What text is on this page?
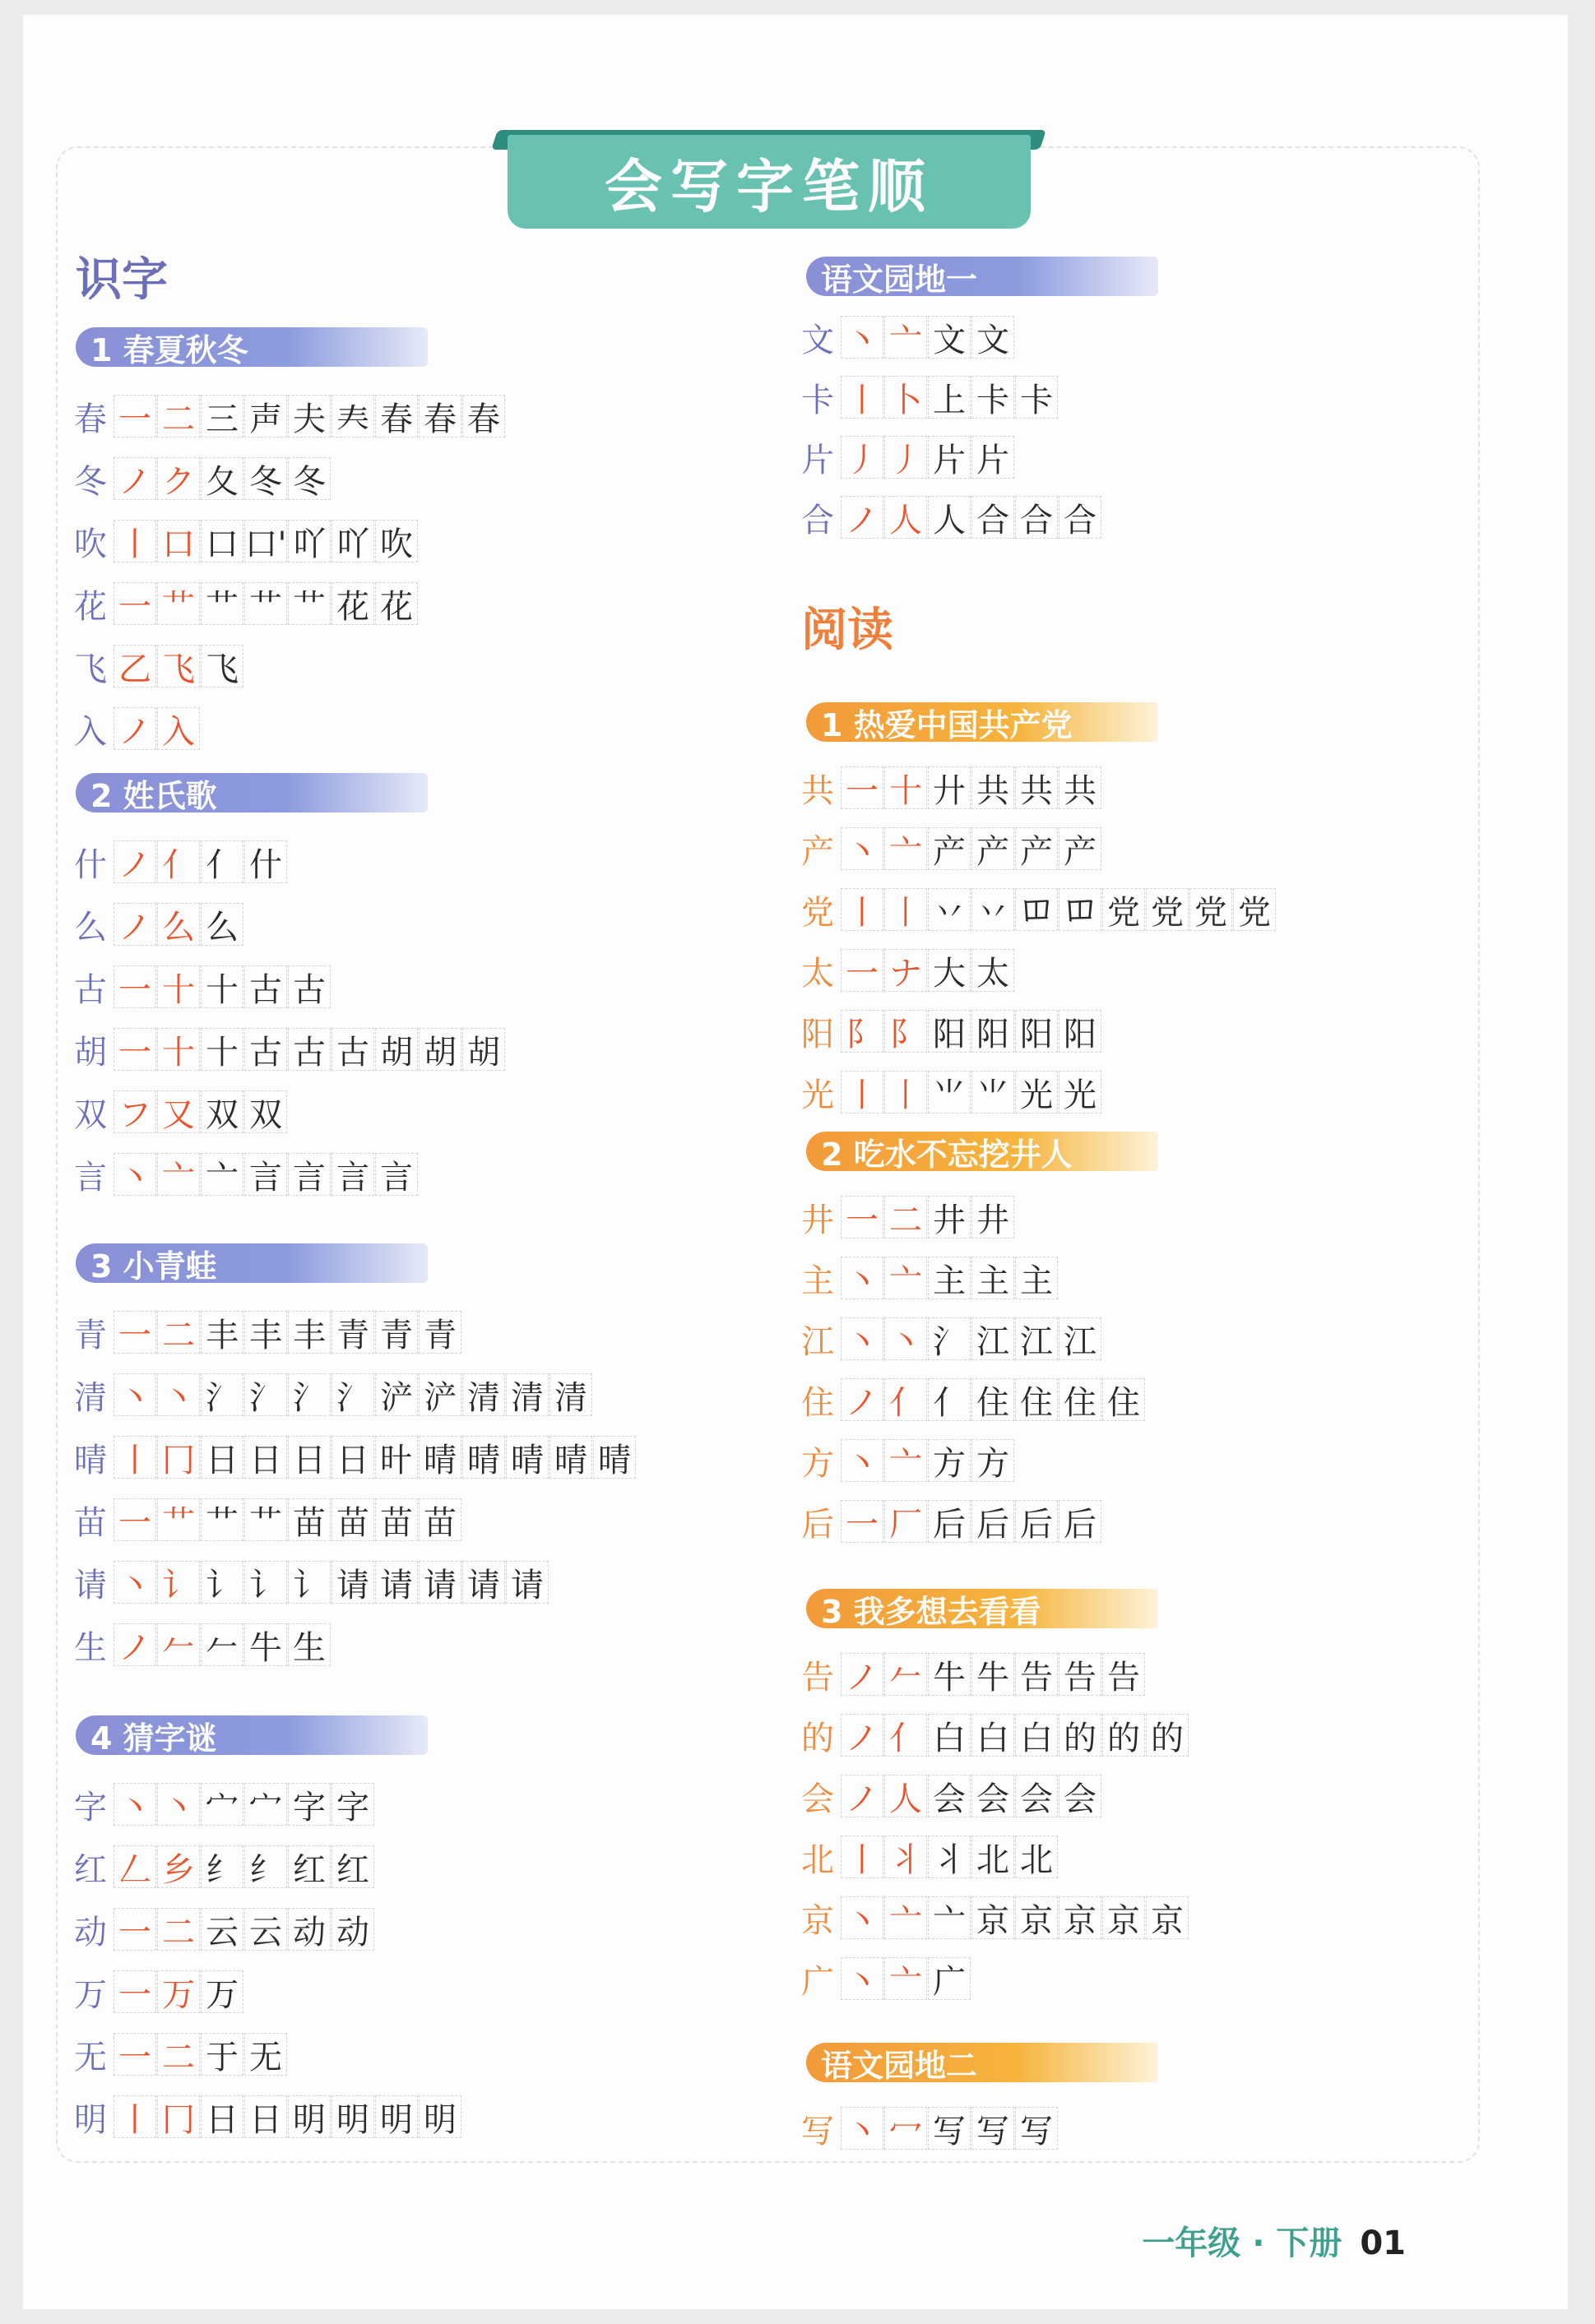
会写字笔顺
识字
1 春夏秋冬
春 一 二 三 声 夫 𡗗 春 春 春
冬 ノ ク 夂 冬 冬
吹 丨 口 口 口' 吖 吖 吹
花 一 艹 艹 艹 艹 花 花
飞 乙 飞 飞
入 ノ 入
2 姓氏歌
什 ノ 亻 亻 什
么 ノ 么 么
古 一 十 十 古 古
胡 一 十 十 古 古 古 胡 胡 胡
双 フ 又 双 双
言 丶 亠 亠 言 言 言 言
3 小青蛙
青 一 二 丰 丰 丰 青 青 青
清 丶 丶 氵 氵 氵 氵 浐 浐 清 清 清
晴 丨 冂 日 日 日 日 旪 晴 晴 晴 晴 晴
苗 一 艹 艹 艹 苗 苗 苗 苗
请 丶 讠 讠 讠 讠 请 请 请 请 请
生 ノ 𠂉 𠂉 牛 生
4 猜字谜
字 丶 丶 宀 宀 字 字
红 𠃋 乡 纟 纟 红 红
动 一 二 云 云 动 动
万 一 万 万
无 一 二 于 无
明 丨 冂 日 日 明 明 明 明
语文园地一
文 丶 亠 文 文
卡 丨 卜 上 卡 卡
片 丿 丿 片 片
合 ノ 人 人 合 合 合
阅读
1 热爱中国共产党
共 一 十 廾 共 共 共
产 丶 亠 产 产 产 产
党 丨 丨 丷 丷 𫩏 𫩏 党 党 党 党
太 一 ナ 大 太
阳 阝 阝 阳 阳 阳 阳
光 丨 丨 ⺌ ⺌ 光 光
2 吃水不忘挖井人
井 一 二 井 井
主 丶 亠 主 主 主
江 丶 丶 氵 江 江 江
住 ノ 亻 亻 住 住 住 住
方 丶 亠 方 方
后 一 厂 后 后 后 后
3 我多想去看看
告 ノ 𠂉 牛 牛 告 告 告
的 ノ 亻 白 白 白 的 的 的
会 ノ 人 会 会 会 会
北 丨 丬 丬 北 北
京 丶 亠 亠 京 京 京 京 京
广 丶 亠 广
语文园地二
写 丶 冖 写 写 写
一年级 · 下册 01
